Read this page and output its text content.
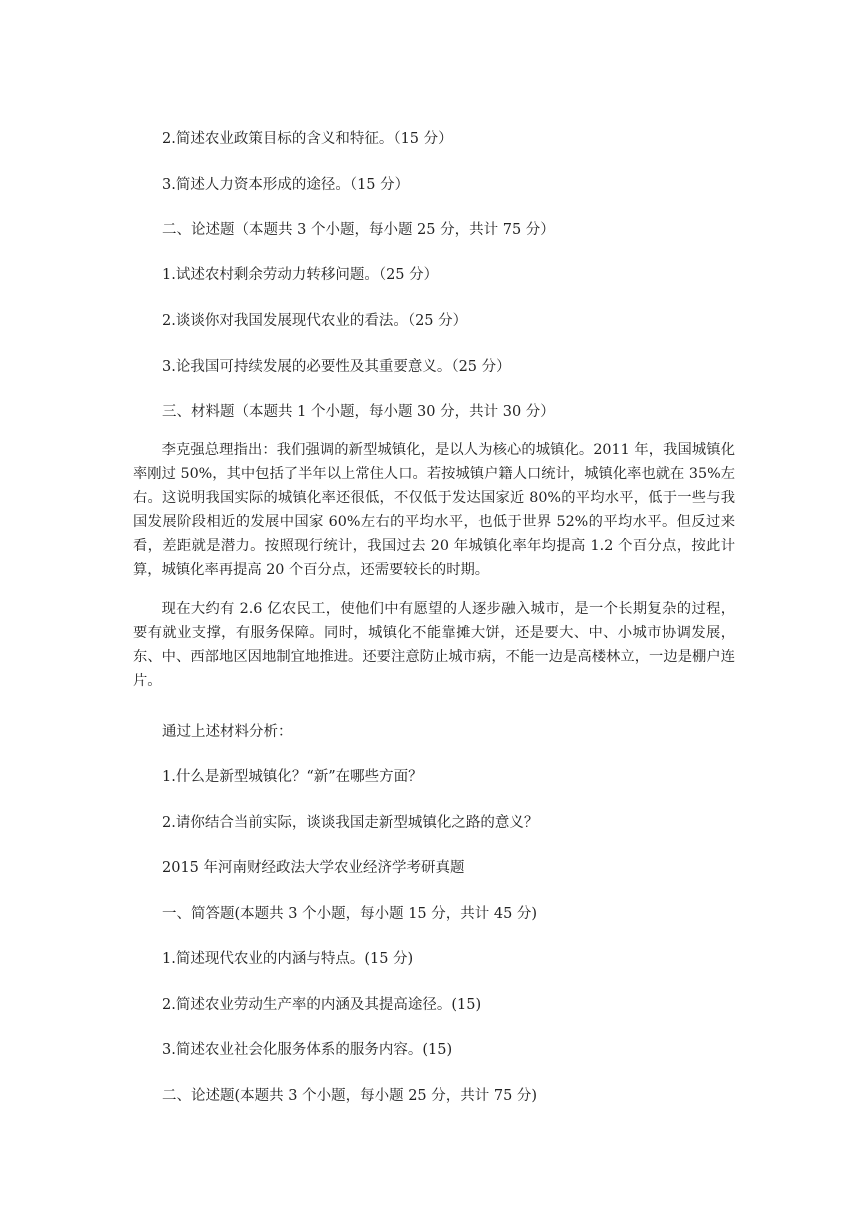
2.简述农业政策目标的含义和特征。（15 分）

3.简述人力资本形成的途径。（15 分）

二、论述题（本题共 3 个小题，每小题 25 分，共计 75 分）

1.试述农村剩余劳动力转移问题。（25 分）

2.谈谈你对我国发展现代农业的看法。（25 分）

3.论我国可持续发展的必要性及其重要意义。（25 分）

三、材料题（本题共 1 个小题，每小题 30 分，共计 30 分）

李克强总理指出：我们强调的新型城镇化，是以人为核心的城镇化。2011 年，我国城镇化率刚过 50%，其中包括了半年以上常住人口。若按城镇户籍人口统计，城镇化率也就在 35%左右。这说明我国实际的城镇化率还很低，不仅低于发达国家近 80%的平均水平，低于一些与我国发展阶段相近的发展中国家 60%左右的平均水平，也低于世界 52%的平均水平。但反过来看，差距就是潜力。按照现行统计，我国过去 20 年城镇化率年均提高 1.2 个百分点，按此计算，城镇化率再提高 20 个百分点，还需要较长的时期。

现在大约有 2.6 亿农民工，使他们中有愿望的人逐步融入城市，是一个长期复杂的过程，要有就业支撑，有服务保障。同时，城镇化不能靠摊大饼，还是要大、中、小城市协调发展，东、中、西部地区因地制宜地推进。还要注意防止城市病，不能一边是高楼林立，一边是棚户连片。

通过上述材料分析：

1.什么是新型城镇化？“新”在哪些方面？

2.请你结合当前实际，谈谈我国走新型城镇化之路的意义？

2015 年河南财经政法大学农业经济学考研真题

一、简答题(本题共 3 个小题，每小题 15 分，共计 45 分)

1.简述现代农业的内涵与特点。(15 分)

2.简述农业劳动生产率的内涵及其提高途径。(15)

3.简述农业社会化服务体系的服务内容。(15)

二、论述题(本题共 3 个小题，每小题 25 分，共计 75 分)
